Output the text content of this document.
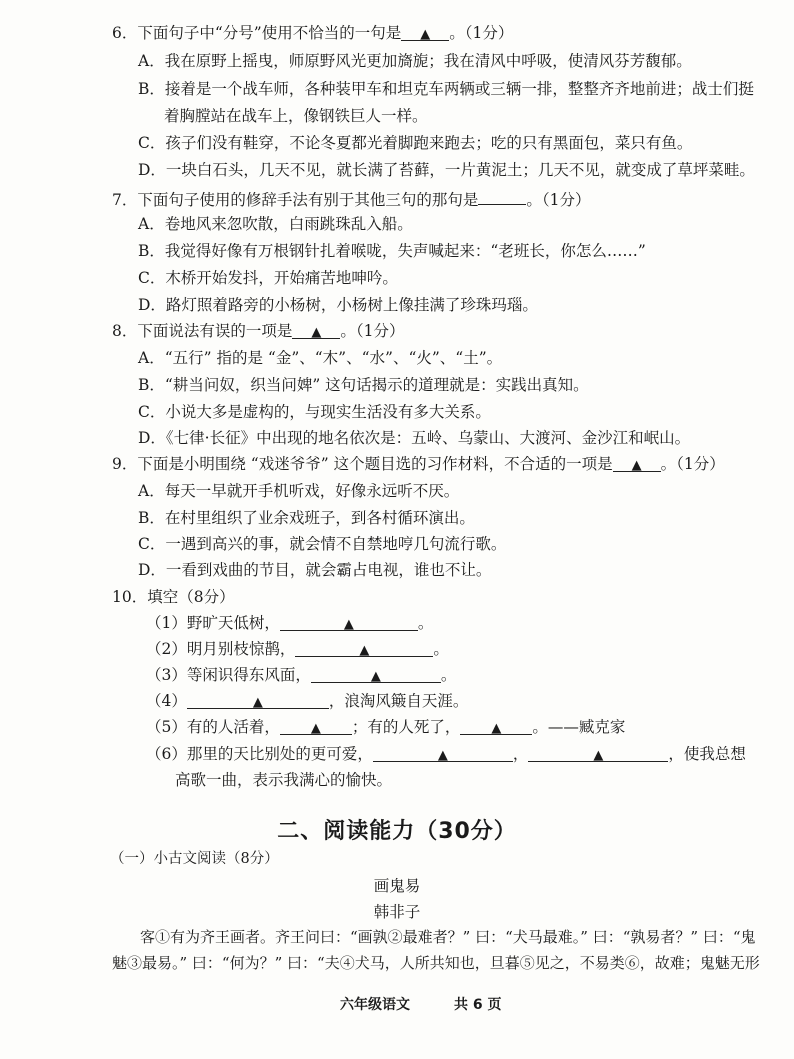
6．下面句子中“分号”使用不恰当的一句是 ▲ 。（1分）
A．我在原野上摇曳，师原野风光更加旖旎；我在清风中呼吸，使清风芬芳馥郁。
B．接着是一个战车师，各种装甲车和坦克车两辆或三辆一排，整整齐齐地前进；战士们挺
着胸膛站在战车上，像钢铁巨人一样。
C．孩子们没有鞋穿，不论冬夏都光着脚跑来跑去；吃的只有黑面包，菜只有鱼。
D．一块白石头，几天不见，就长满了苔藓，一片黄泥土；几天不见，就变成了草坪菜畦。
7．下面句子使用的修辞手法有别于其他三句的那句是	。（1分）
A．卷地风来忽吹散，白雨跳珠乱入船。
B．我觉得好像有万根钢针扎着喉咙，失声喊起来：“老班长，你怎么……”
C．木桥开始发抖，开始痛苦地呻吟。
D．路灯照着路旁的小杨树，小杨树上像挂满了珍珠玛瑙。
8．下面说法有误的一项是 ▲ 。（1分）
A．“五行” 指的是 “金”、“木”、“水”、“火”、“土”。
B．“耕当问奴，织当问婢” 这句话揭示的道理就是：实践出真知。
C．小说大多是虚构的，与现实生活没有多大关系。
D．《七律·长征》中出现的地名依次是：五岭、乌蒙山、大渡河、金沙江和岷山。
9．下面是小明围绕 “戏迷爷爷” 这个题目选的习作材料，不合适的一项是 ▲ 。（1分）
A．每天一早就开手机听戏，好像永远听不厌。
B．在村里组织了业余戏班子，到各村循环演出。
C．一遇到高兴的事，就会情不自禁地哼几句流行歌。
D．一看到戏曲的节目，就会霸占电视，谁也不让。
10．填空（8分）
（1）野旷天低树，	▲	。
（2）明月别枝惊鹊，	▲	。
（3）等闲识得东风面，	▲	。
（4）	▲	，浪淘风簸自天涯。
（5）有的人活着， ▲ ；有的人死了， ▲ 。——臧克家
（6）那里的天比别处的更可爱，	▲	，	▲	，使我总想
高歌一曲，表示我满心的愉快。
二、阅读能力（30分）
（一）小古文阅读（8分）
画鬼易
韩非子
客①有为齐王画者。齐王问曰：“画孰②最难者？” 曰：“犬马最难。” 曰：“孰易者？” 曰：“鬼
魅③最易。” 曰：“何为？” 曰：“夫④犬马，人所共知也，旦暮⑤见之，不易类⑥，故难；鬼魅无形
六年级语文	共 6 页
